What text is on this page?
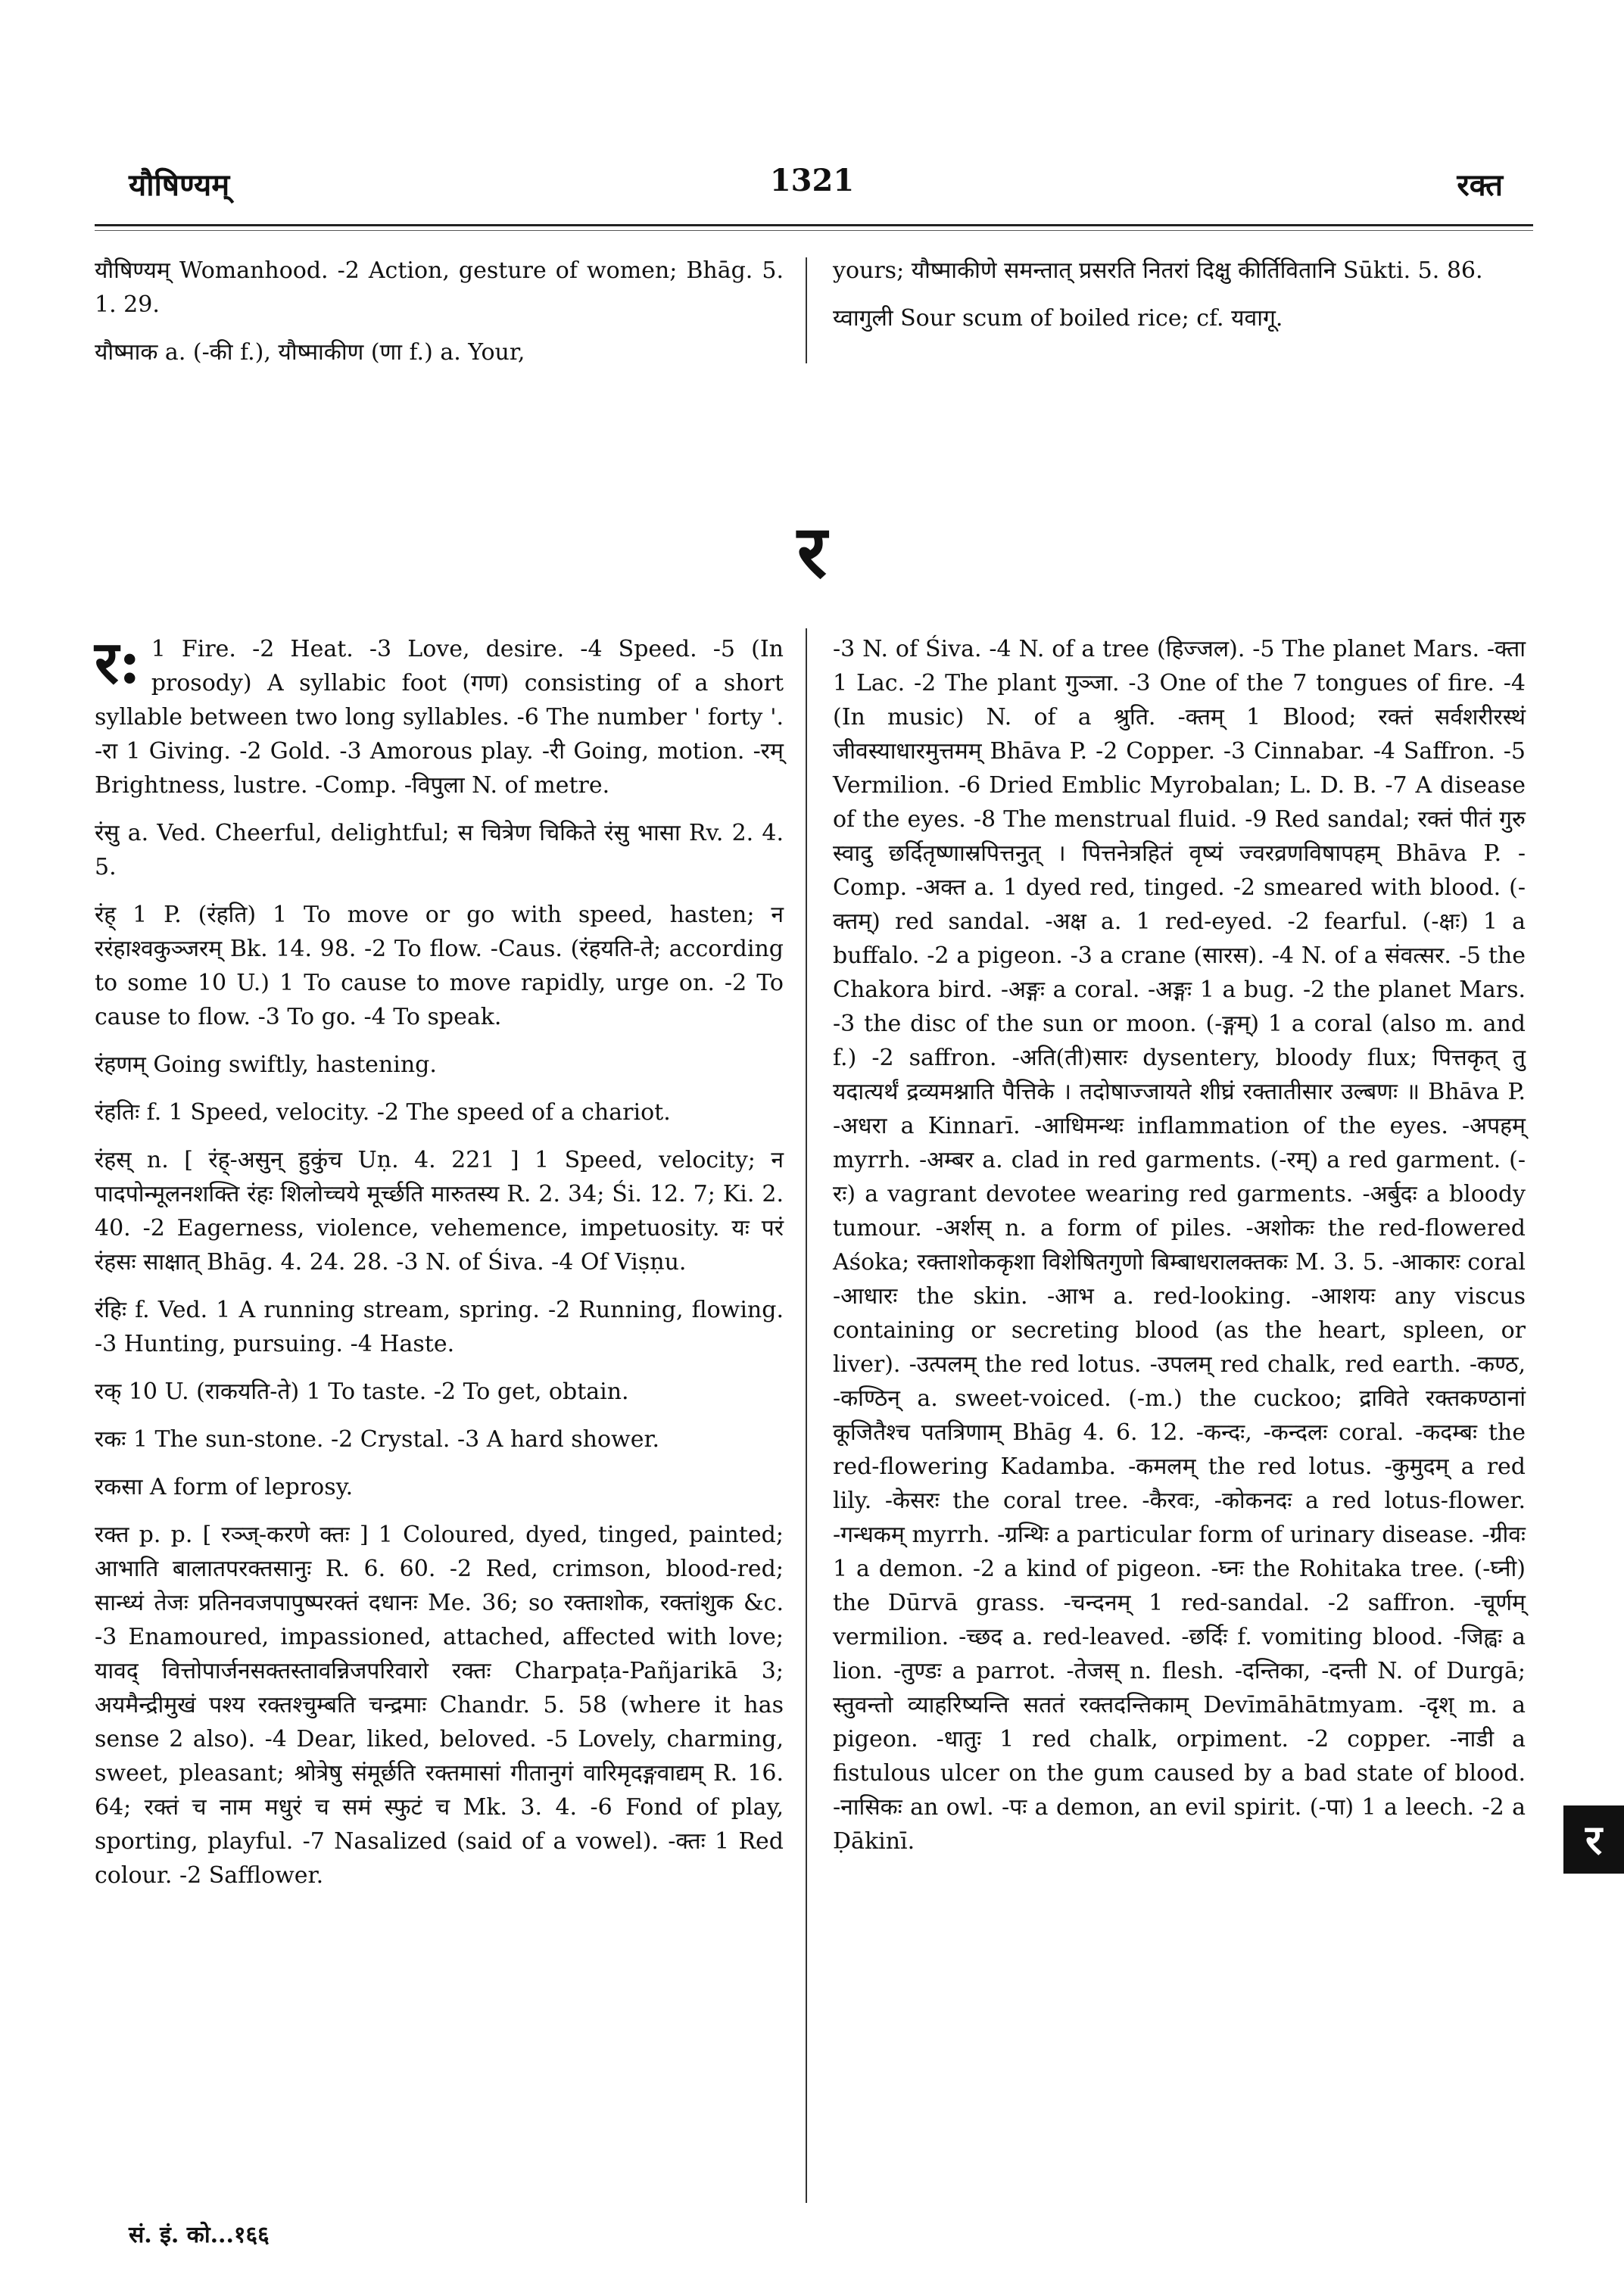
यौषिण्यम्	1321	रक्त

यौषिण्यम् Womanhood. -2 Action, gesture of women; Bhāg. 5. 1. 29.

यौष्माक a. (-की f.), यौष्माकीण (णा f.) a. Your,

yours; यौष्माकीणे समन्तात् प्रसरति नितरां दिक्षु कीर्तिवितानि Sūkti. 5. 86.

य्वागुली Sour scum of boiled rice; cf. यवागू.

र

र: 1 Fire. -2 Heat. -3 Love, desire. -4 Speed. -5 (In prosody) A syllabic foot (गण) consisting of a short syllable between two long syllables. -6 The number ' forty '. -रा 1 Giving. -2 Gold. -3 Amorous play. -री Going, motion. -रम् Brightness, lustre. -Comp. -विपुला N. of metre.

रंसु a. Ved. Cheerful, delightful; स चित्रेण चिकिते रंसु भासा Rv. 2. 4. 5.

रंह् 1 P. (रंहति) 1 To move or go with speed, hasten; न ररंहाश्वकुञ्जरम् Bk. 14. 98. -2 To flow. -Caus. (रंहयति-ते; according to some 10 U.) 1 To cause to move rapidly, urge on. -2 To cause to flow. -3 To go. -4 To speak.

रंहणम् Going swiftly, hastening.

रंहतिः f. 1 Speed, velocity. -2 The speed of a chariot.

रंहस् n. [ रंह्-असुन् हुकुंच Uṇ. 4. 221 ] 1 Speed, velocity; न पादपोन्मूलनशक्ति रंहः शिलोच्चये मूर्च्छति मारुतस्य R. 2. 34; Śi. 12. 7; Ki. 2. 40. -2 Eagerness, violence, vehemence, impetuosity. यः परं रंहसः साक्षात् Bhāg. 4. 24. 28. -3 N. of Śiva. -4 Of Viṣṇu.

रंहिः f. Ved. 1 A running stream, spring. -2 Running, flowing. -3 Hunting, pursuing. -4 Haste.

रक् 10 U. (राकयति-ते) 1 To taste. -2 To get, obtain.

रकः 1 The sun-stone. -2 Crystal. -3 A hard shower.

रकसा A form of leprosy.

रक्त p. p. [ रञ्ज्-करणे क्तः ] 1 Coloured, dyed, tinged, painted; आभाति बालातपरक्तसानुः R. 6. 60. -2 Red, crimson, blood-red; सान्ध्यं तेजः प्रतिनवजपापुष्परक्तं दधानः Me. 36; so रक्ताशोक, रक्तांशुक &c. -3 Enamoured, impassioned, attached, affected with love; यावद् वित्तोपार्जनसक्तस्तावन्निजपरिवारो रक्तः Charpaṭa-Pañjarikā 3; अयमैन्द्रीमुखं पश्य रक्तश्चुम्बति चन्द्रमाः Chandr. 5. 58 (where it has sense 2 also). -4 Dear, liked, beloved. -5 Lovely, charming, sweet, pleasant; श्रोत्रेषु संमूर्छति रक्तमासां गीतानुगं वारिमृदङ्गवाद्यम् R. 16. 64; रक्तं च नाम मधुरं च समं स्फुटं च Mk. 3. 4. -6 Fond of play, sporting, playful. -7 Nasalized (said of a vowel). -क्तः 1 Red colour. -2 Safflower.

-3 N. of Śiva. -4 N. of a tree (हिज्जल). -5 The planet Mars. -क्ता 1 Lac. -2 The plant गुञ्जा. -3 One of the 7 tongues of fire. -4 (In music) N. of a श्रुति. -क्तम् 1 Blood; रक्तं सर्वशरीरस्थं जीवस्याधारमुत्तमम् Bhāva P. -2 Copper. -3 Cinnabar. -4 Saffron. -5 Vermilion. -6 Dried Emblic Myrobalan; L. D. B. -7 A disease of the eyes. -8 The menstrual fluid. -9 Red sandal; रक्तं पीतं गुरु स्वादु छर्दितृष्णास्रपित्तनुत् । पित्तनेत्रहितं वृष्यं ज्वरव्रणविषापहम् Bhāva P. -Comp. -अक्त a. 1 dyed red, tinged. -2 smeared with blood. (-क्तम्) red sandal. -अक्ष a. 1 red-eyed. -2 fearful. (-क्षः) 1 a buffalo. -2 a pigeon. -3 a crane (सारस). -4 N. of a संवत्सर. -5 the Chakora bird. -अङ्गः a coral. -अङ्गः 1 a bug. -2 the planet Mars. -3 the disc of the sun or moon. (-ङ्गम्) 1 a coral (also m. and f.) -2 saffron. -अति(ती)सारः dysentery, bloody flux; पित्तकृत् तु यदात्यर्थं द्रव्यमश्नाति पैत्तिके । तदोषाज्जायते शीघ्रं रक्तातीसार उल्बणः ॥ Bhāva P. -अधरा a Kinnarī. -आधिमन्थः inflammation of the eyes. -अपहम् myrrh. -अम्बर a. clad in red garments. (-रम्) a red garment. (-रः) a vagrant devotee wearing red garments. -अर्बुदः a bloody tumour. -अर्शस् n. a form of piles. -अशोकः the red-flowered Aśoka; रक्ताशोककृशा विशेषितगुणो बिम्बाधरालक्तकः M. 3. 5. -आकारः coral -आधारः the skin. -आभ a. red-looking. -आशयः any viscus containing or secreting blood (as the heart, spleen, or liver). -उत्पलम् the red lotus. -उपलम् red chalk, red earth. -कण्ठ, -कण्ठिन् a. sweet-voiced. (-m.) the cuckoo; द्राविते रक्तकण्ठानां कूजितैश्च पतत्रिणाम् Bhāg 4. 6. 12. -कन्दः, -कन्दलः coral. -कदम्बः the red-flowering Kadamba. -कमलम् the red lotus. -कुमुदम् a red lily. -केसरः the coral tree. -कैरवः, -कोकनदः a red lotus-flower. -गन्धकम् myrrh. -ग्रन्थिः a particular form of urinary disease. -ग्रीवः 1 a demon. -2 a kind of pigeon. -घ्नः the Rohitaka tree. (-घ्नी) the Dūrvā grass. -चन्दनम् 1 red-sandal. -2 saffron. -चूर्णम् vermilion. -च्छद a. red-leaved. -छर्दिः f. vomiting blood. -जिह्वः a lion. -तुण्डः a parrot. -तेजस् n. flesh. -दन्तिका, -दन्ती N. of Durgā; स्तुवन्तो व्याहरिष्यन्ति सततं रक्तदन्तिकाम् Devīmāhātmyam. -दृश् m. a pigeon. -धातुः 1 red chalk, orpiment. -2 copper. -नाडी a fistulous ulcer on the gum caused by a bad state of blood. -नासिकः an owl. -पः a demon, an evil spirit. (-पा) 1 a leech. -2 a Ḍākinī.	र
सं. इं. को...१६६
